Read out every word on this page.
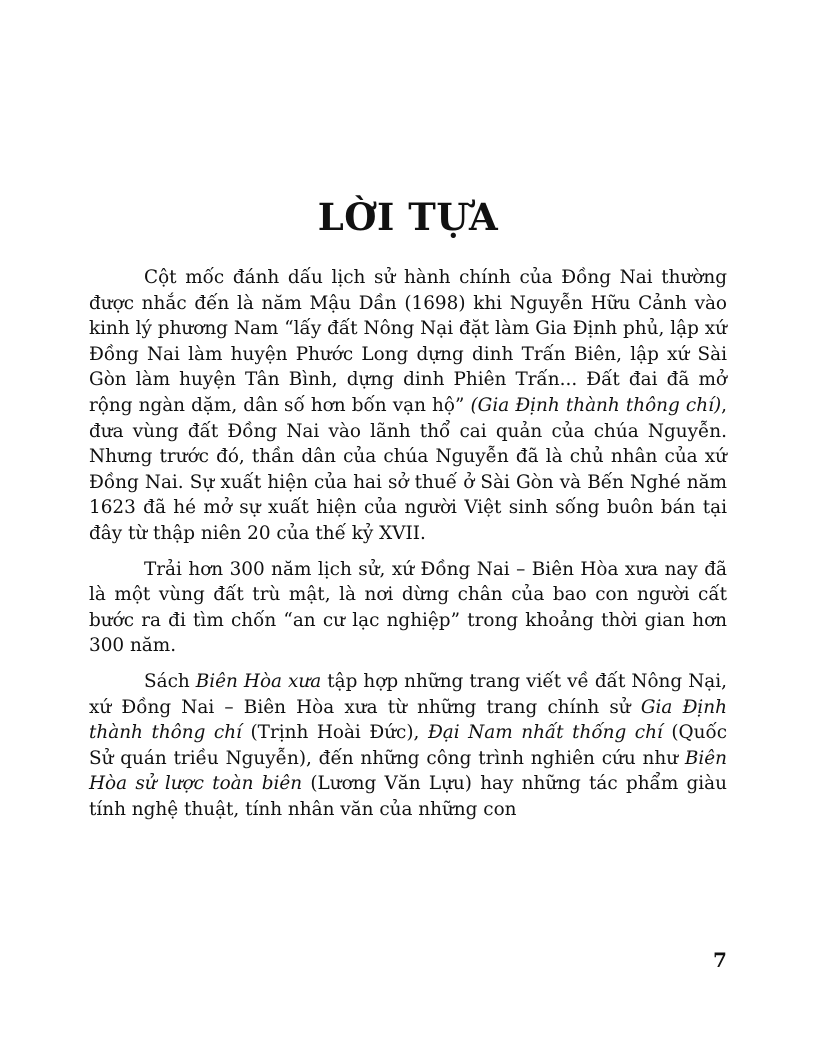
LỜI TỰA

Cột mốc đánh dấu lịch sử hành chính của Đồng Nai thường được nhắc đến là năm Mậu Dần (1698) khi Nguyễn Hữu Cảnh vào kinh lý phương Nam “lấy đất Nông Nại đặt làm Gia Định phủ, lập xứ Đồng Nai làm huyện Phước Long dựng dinh Trấn Biên, lập xứ Sài Gòn làm huyện Tân Bình, dựng dinh Phiên Trấn... Đất đai đã mở rộng ngàn dặm, dân số hơn bốn vạn hộ” (Gia Định thành thông chí), đưa vùng đất Đồng Nai vào lãnh thổ cai quản của chúa Nguyễn. Nhưng trước đó, thần dân của chúa Nguyễn đã là chủ nhân của xứ Đồng Nai. Sự xuất hiện của hai sở thuế ở Sài Gòn và Bến Nghé năm 1623 đã hé mở sự xuất hiện của người Việt sinh sống buôn bán tại đây từ thập niên 20 của thế kỷ XVII.

Trải hơn 300 năm lịch sử, xứ Đồng Nai – Biên Hòa xưa nay đã là một vùng đất trù mật, là nơi dừng chân của bao con người cất bước ra đi tìm chốn “an cư lạc nghiệp” trong khoảng thời gian hơn 300 năm.

Sách Biên Hòa xưa tập hợp những trang viết về đất Nông Nại, xứ Đồng Nai – Biên Hòa xưa từ những trang chính sử Gia Định thành thông chí (Trịnh Hoài Đức), Đại Nam nhất thống chí (Quốc Sử quán triều Nguyễn), đến những công trình nghiên cứu như Biên Hòa sử lược toàn biên (Lương Văn Lựu) hay những tác phẩm giàu tính nghệ thuật, tính nhân văn của những con

7
